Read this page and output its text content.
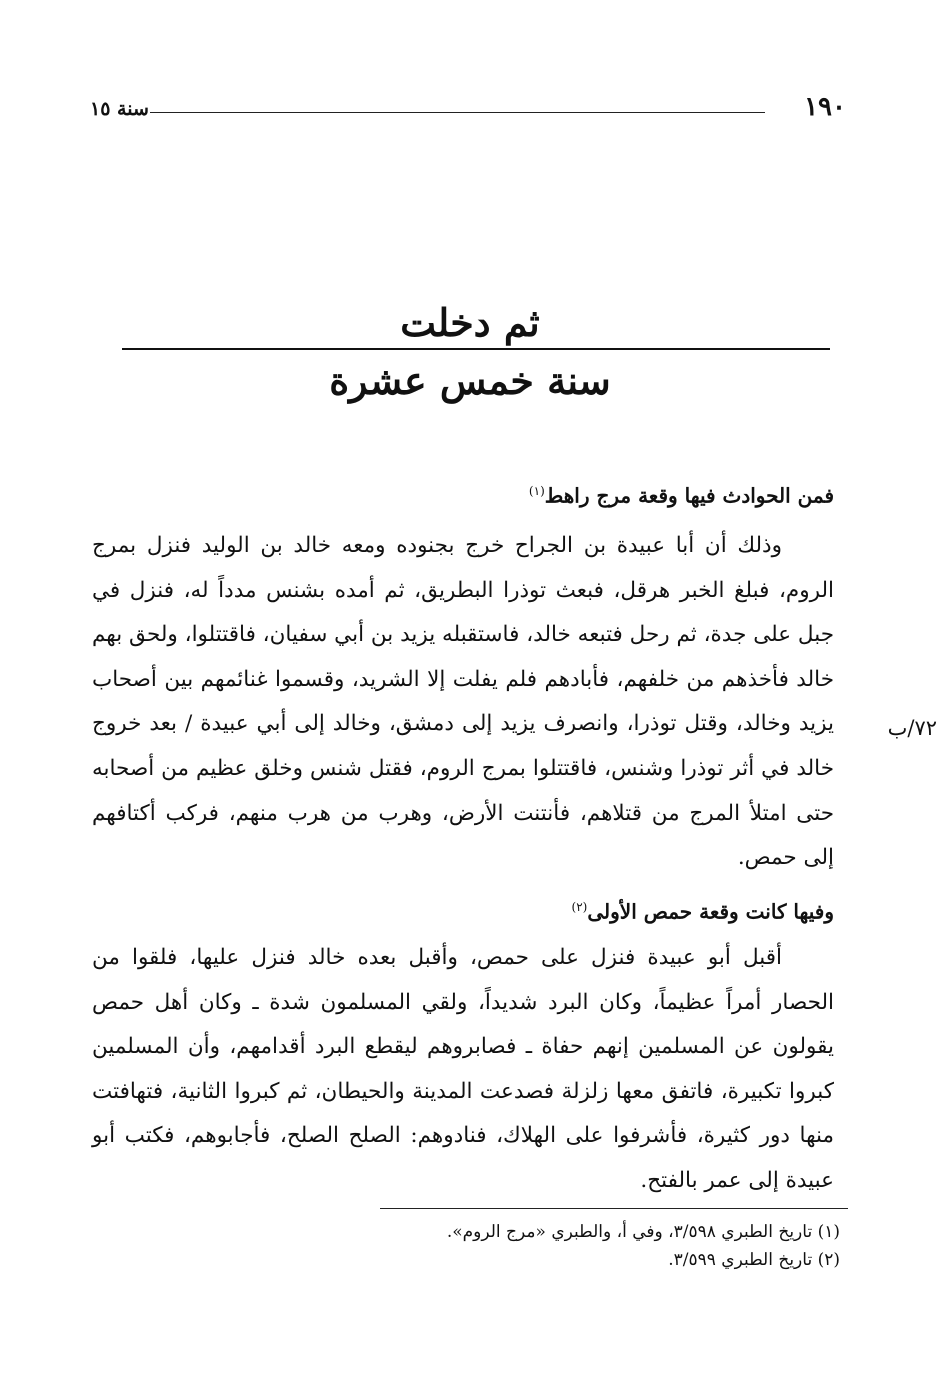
١٩٠
سنة ١٥
ثم دخلت
سنة خمس عشرة
فمن الحوادث فيها وقعة مرج راهط$^{(١)}$

وذلك أن أبا عبيدة بن الجراح خرج بجنوده ومعه خالد بن الوليد فنزل بمرج الروم، فبلغ الخبر هرقل، فبعث توذرا البطريق، ثم أمده بشنس مدداً له، فنزل في جبل على جدة، ثم رحل فتبعه خالد، فاستقبله يزيد بن أبي سفيان، فاقتتلوا، ولحق بهم خالد فأخذهم من خلفهم، فأبادهم فلم يفلت إلا الشريد، وقسموا غنائمهم بين أصحاب يزيد وخالد، وقتل توذرا، وانصرف يزيد إلى دمشق، وخالد إلى أبي عبيدة / بعد خروج خالد في أثر توذرا وشنس، فاقتتلوا بمرج الروم، فقتل شنس وخلق عظيم من أصحابه حتى امتلأ المرج من قتلاهم، فأنتنت الأرض، وهرب من هرب منهم، فركب أكتافهم إلى حمص.

٧٢/ب
وفيها كانت وقعة حمص الأولى$^{(٢)}$

أقبل أبو عبيدة فنزل على حمص، وأقبل بعده خالد فنزل عليها، فلقوا من الحصار أمراً عظيماً، وكان البرد شديداً، ولقي المسلمون شدة ـ وكان أهل حمص يقولون عن المسلمين إنهم حفاة ـ فصابروهم ليقطع البرد أقدامهم، وأن المسلمين كبروا تكبيرة، فاتفق معها زلزلة فصدعت المدينة والحيطان، ثم كبروا الثانية، فتهافتت منها دور كثيرة، فأشرفوا على الهلاك، فنادوهم: الصلح الصلح، فأجابوهم، فكتب أبو عبيدة إلى عمر بالفتح.

(١) تاريخ الطبري ٣/٥٩٨، وفي أ، والطبري «مرج الروم».
(٢) تاريخ الطبري ٣/٥٩٩.
